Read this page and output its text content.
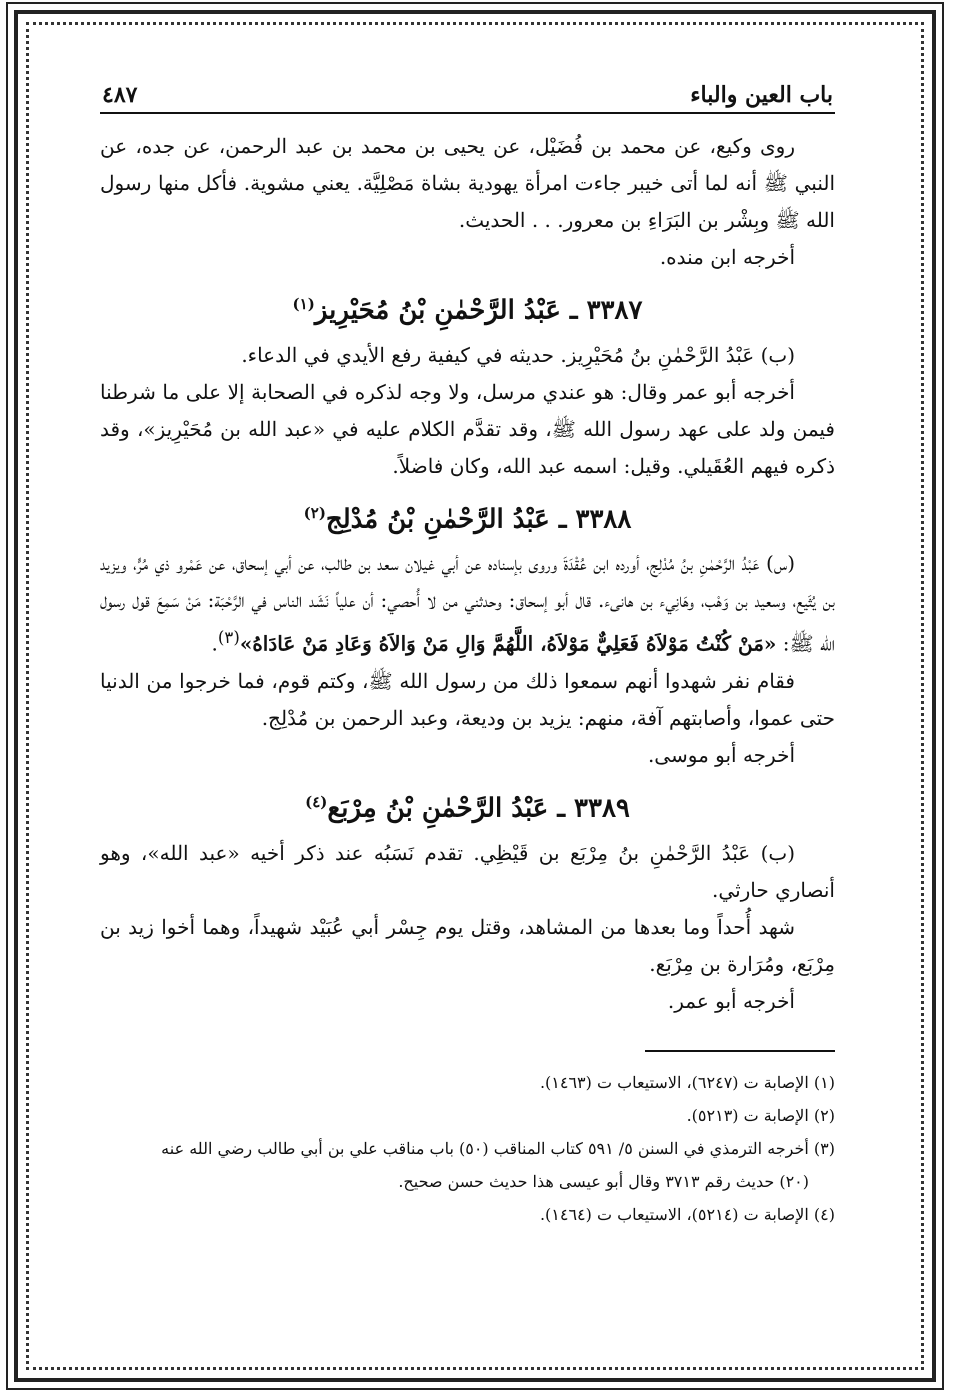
باب العين والباء
٤٨٧

روى وكيع، عن محمد بن فُضَيْل، عن يحيى بن محمد بن عبد الرحمن، عن جده، عن النبي ﷺ أنه لما أتى خيبر جاءت امرأة يهودية بشاة مَصْلِيَّة. يعني مشوية. فأكل منها رسول الله ﷺ وبِشْر بن البَرَاءِ بن معرور. . . الحديث.

أخرجه ابن منده.

٣٣٨٧ ـ عَبْدُ الرَّحْمٰنِ بْنُ مُحَيْرِيز$^{(١)}$

(ب) عَبْدُ الرَّحْمٰنِ بنُ مُحَيْرِيز. حديثه في كيفية رفع الأيدي في الدعاء.

أخرجه أبو عمر وقال: هو عندي مرسل، ولا وجه لذكره في الصحابة إلا على ما شرطنا فيمن ولد على عهد رسول الله ﷺ، وقد تقدَّم الكلام عليه في «عبد الله بن مُحَيْرِيز»، وقد ذكره فيهم العُقَيلي. وقيل: اسمه عبد الله، وكان فاضلاً.

٣٣٨٨ ـ عَبْدُ الرَّحْمٰنِ بْنُ مُدْلِج$^{(٢)}$

(س) عَبْدُ الرَّحْمٰنِ بنُ مُدْلِج، أورده ابن عُقْدَةَ وروى بإسناده عن أبي غيلان سعد بن طالب، عن أبي إسحاق، عن عَمْرو ذي مُرٍّ، ويزيد بن يُثَيع، وسعيد بن وَهْب، وهَانِيء بن هانىء. قال أبو إسحاق: وحدثني من لا أُحصي: أن علياً نَشَد الناس في الرَّحْبَة: مَنْ سَمِعَ قول رسول الله ﷺ: «مَنْ كُنْتُ مَوْلاَهُ فَعَلِيٌّ مَوْلاَهُ، اللَّهُمَّ وَالِ مَنْ وَالاَهُ وَعَادِ مَنْ عَادَاهُ»$^{(٣)}$.

فقام نفر شهدوا أنهم سمعوا ذلك من رسول الله ﷺ، وكتم قوم، فما خرجوا من الدنيا حتى عموا، وأصابتهم آفة، منهم: يزيد بن وديعة، وعبد الرحمن بن مُدْلِج.

أخرجه أبو موسى.

٣٣٨٩ ـ عَبْدُ الرَّحْمٰنِ بْنُ مِرْبَع$^{(٤)}$

(ب) عَبْدُ الرَّحْمٰنِ بنُ مِرْبَع بن قَيْظِي. تقدم نَسَبُه عند ذكر أخيه «عبد الله»، وهو أنصاري حارثي.

شهد أُحداً وما بعدها من المشاهد، وقتل يوم جِسْر أبي عُبَيْد شهيداً، وهما أخوا زيد بن مِرْبَع، ومُرَارة بن مِرْبَع.

أخرجه أبو عمر.

(١) الإصابة ت (٦٢٤٧)، الاستيعاب ت (١٤٦٣).

(٢) الإصابة ت (٥٢١٣).

(٣) أخرجه الترمذي في السنن ٥/ ٥٩١ كتاب المناقب (٥٠) باب مناقب علي بن أبي طالب رضي الله عنه

(٢٠) حديث رقم ٣٧١٣ وقال أبو عيسى هذا حديث حسن صحيح.

(٤) الإصابة ت (٥٢١٤)، الاستيعاب ت (١٤٦٤).
